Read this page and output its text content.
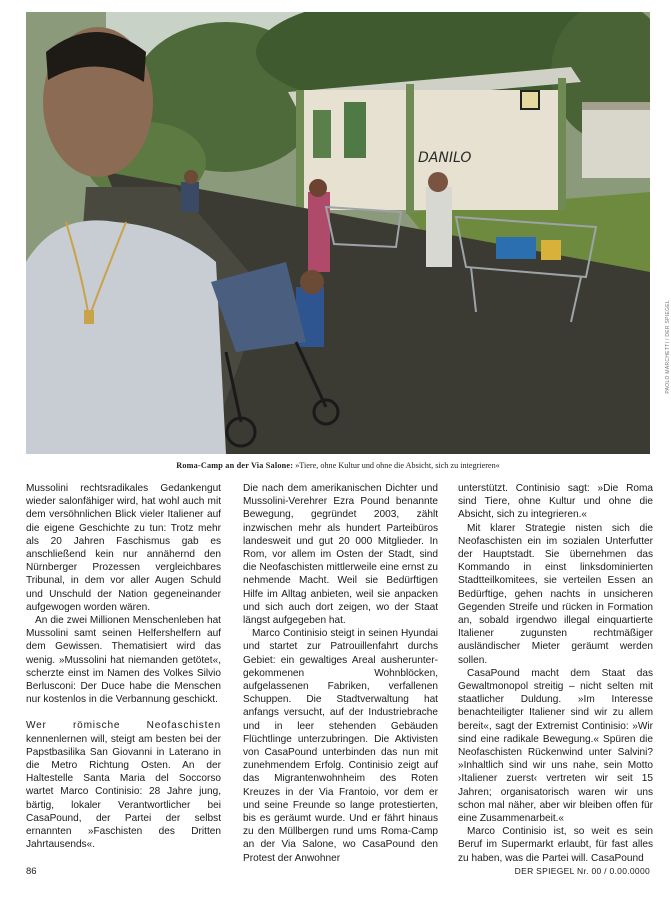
DANILO
PAOLO MARCHETTI / DER SPIEGEL
Roma-Camp an der Via Salone: »Tiere, ohne Kultur und ohne die Absicht, sich zu integrieren«

Mussolini rechtsradikales Gedankengut wieder salonfähiger wird, hat wohl auch mit dem versöhnlichen Blick vieler Italiener auf die eigene Geschichte zu tun: Trotz mehr als 20 Jahren Faschismus gab es anschließend kein nur annähernd den Nürnberger Prozessen vergleichbares Tribunal, in dem vor aller Augen Schuld und Unschuld der Nation gegeneinander aufgewogen worden wären.

An die zwei Millionen Menschenleben hat Mussolini samt seinen Helfershelfern auf dem Gewissen. Thematisiert wird das wenig. »Mussolini hat niemanden getötet«, scherzte einst im Namen des Volkes Silvio Berlusconi: Der Duce habe die Menschen nur kostenlos in die Verbannung geschickt.

Wer römische Neofaschisten kennenlernen will, steigt am besten bei der Papstbasilika San Giovanni in Laterano in die Metro Richtung Osten. An der Haltestelle Santa Maria del Soccorso wartet Marco Continisio: 28 Jahre jung, bärtig, lokaler Verantwortlicher bei CasaPound, der Partei der selbst ernannten »Faschisten des Dritten Jahrtausends«.

Die nach dem amerikanischen Dichter und Mussolini-Verehrer Ezra Pound benannte Bewegung, gegründet 2003, zählt inzwischen mehr als hundert Parteibüros landesweit und gut 20 000 Mitglieder. In Rom, vor allem im Osten der Stadt, sind die Neofaschisten mittlerweile eine ernst zu nehmende Macht. Weil sie Bedürftigen Hilfe im Alltag anbieten, weil sie anpacken und sich auch dort zeigen, wo der Staat längst aufgegeben hat.

Marco Continisio steigt in seinen Hyundai und startet zur Patrouillenfahrt durchs Gebiet: ein gewaltiges Areal ausheruntergekommenen Wohnblöcken, aufgelassenen Fabriken, verfallenen Schuppen. Die Stadtverwaltung hat anfangs versucht, auf der Industriebrache und in leer stehenden Gebäuden Flüchtlinge unterzubringen. Die Aktivisten von CasaPound unterbinden das nun mit zunehmendem Erfolg. Continisio zeigt auf das Migrantenwohnheim des Roten Kreuzes in der Via Frantoio, vor dem er und seine Freunde so lange protestierten, bis es geräumt wurde. Und er fährt hinaus zu den Müllbergen rund ums Roma-Camp an der Via Salone, wo CasaPound den Protest der Anwohner

unterstützt. Continisio sagt: »Die Roma sind Tiere, ohne Kultur und ohne die Absicht, sich zu integrieren.«

Mit klarer Strategie nisten sich die Neofaschisten ein im sozialen Unterfutter der Hauptstadt. Sie übernehmen das Kommando in einst linksdominierten Stadtteilkomitees, sie verteilen Essen an Bedürftige, gehen nachts in unsicheren Gegenden Streife und rücken in Formation an, sobald irgendwo illegal einquartierte Italiener zugunsten rechtmäßiger ausländischer Mieter geräumt werden sollen.

CasaPound macht dem Staat das Gewaltmonopol streitig – nicht selten mit staatlicher Duldung. »Im Interesse benachteiligter Italiener sind wir zu allem bereit«, sagt der Extremist Continisio: »Wir sind eine radikale Bewegung.« Spüren die Neofaschisten Rückenwind unter Salvini? »Inhaltlich sind wir uns nahe, sein Motto ›Italiener zuerst‹ vertreten wir seit 15 Jahren; organisatorisch waren wir uns schon mal näher, aber wir bleiben offen für eine Zusammenarbeit.«

Marco Continisio ist, so weit es sein Beruf im Supermarkt erlaubt, für fast alles zu haben, was die Partei will. CasaPound

86	DER SPIEGEL Nr. 00 / 0.00.0000
